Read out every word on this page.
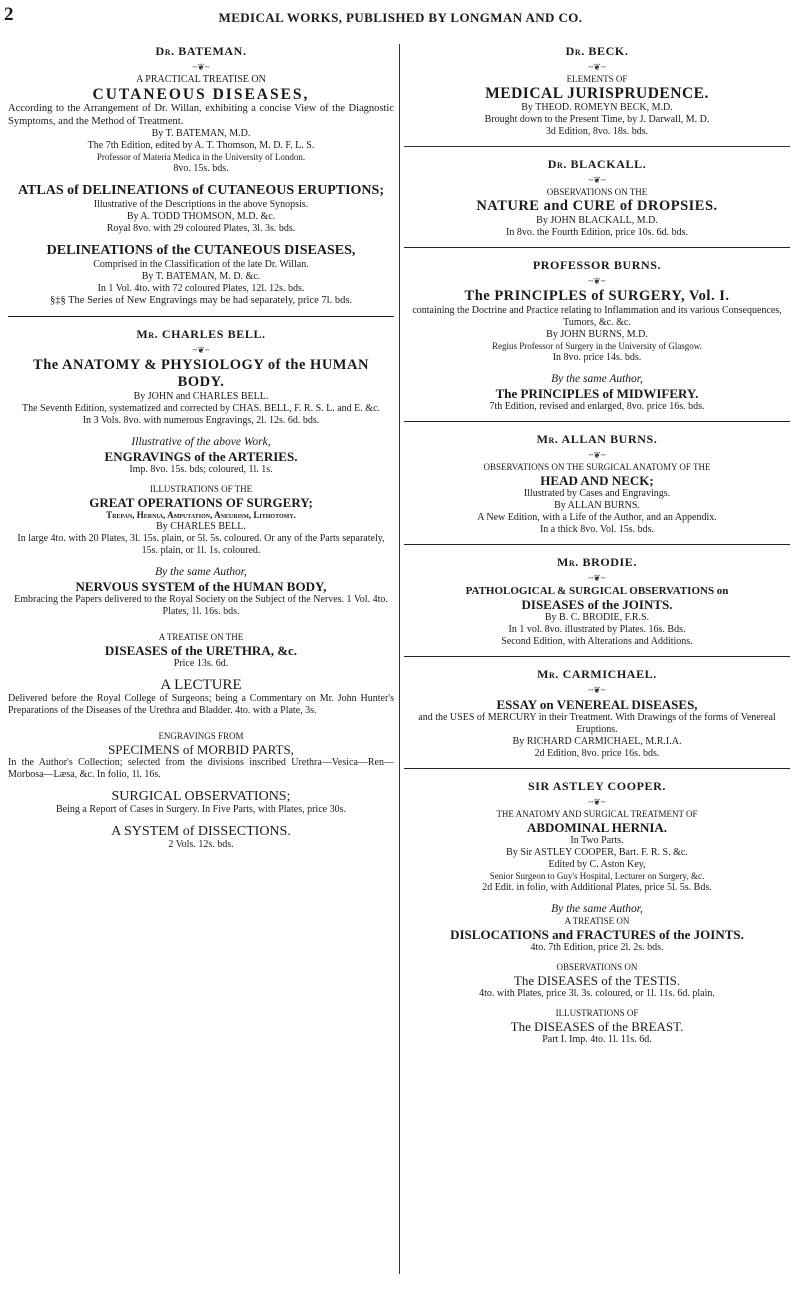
2	MEDICAL WORKS, PUBLISHED BY LONGMAN AND CO.
Dr. BATEMAN.
~❦~

A PRACTICAL TREATISE ON

CUTANEOUS DISEASES,

According to the Arrangement of Dr. Willan, exhibiting a concise View of the Diagnostic Symptoms, and the Method of Treatment.

By T. BATEMAN, M.D.

The 7th Edition, edited by A. T. Thomson, M. D. F. L. S.

Professor of Materia Medica in the University of London.

8vo. 15s. bds.

ATLAS of DELINEATIONS of CUTANEOUS ERUPTIONS;

Illustrative of the Descriptions in the above Synopsis.

By A. TODD THOMSON, M.D. &c.

Royal 8vo. with 29 coloured Plates, 3l. 3s. bds.

DELINEATIONS of the CUTANEOUS DISEASES,

Comprised in the Classification of the late Dr. Willan.

By T. BATEMAN, M. D. &c.

In 1 Vol. 4to. with 72 coloured Plates, 12l. 12s. bds.

§‡§ The Series of New Engravings may be had separately, price 7l. bds.

Mr. CHARLES BELL.
~❦~

The ANATOMY & PHYSIOLOGY of the HUMAN BODY.

By JOHN and CHARLES BELL.

The Seventh Edition, systematized and corrected by CHAS. BELL, F. R. S. L. and E. &c.

In 3 Vols. 8vo. with numerous Engravings, 2l. 12s. 6d. bds.

Illustrative of the above Work,

ENGRAVINGS of the ARTERIES.

Imp. 8vo. 15s. bds; coloured, 1l. 1s.

ILLUSTRATIONS OF THE

GREAT OPERATIONS OF SURGERY;

Trepan, Hernia, Amputation, Aneurism, Lithotomy.

By CHARLES BELL.

In large 4to. with 20 Plates, 3l. 15s. plain, or 5l. 5s. coloured. Or any of the Parts separately, 15s. plain, or 1l. 1s. coloured.

By the same Author,

NERVOUS SYSTEM of the HUMAN BODY,

Embracing the Papers delivered to the Royal Society on the Subject of the Nerves. 1 Vol. 4to. Plates, 1l. 16s. bds.

A TREATISE ON THE

DISEASES of the URETHRA, &c.

Price 13s. 6d.

A LECTURE

Delivered before the Royal College of Surgeons; being a Commentary on Mr. John Hunter's Preparations of the Diseases of the Urethra and Bladder. 4to. with a Plate, 3s.

ENGRAVINGS FROM

SPECIMENS of MORBID PARTS,

In the Author's Collection; selected from the divisions inscribed Urethra—Vesica—Ren—Morbosa—Læsa, &c. In folio, 1l. 16s.

SURGICAL OBSERVATIONS;

Being a Report of Cases in Surgery. In Five Parts, with Plates, price 30s.

A SYSTEM of DISSECTIONS.

2 Vols. 12s. bds.

Dr. BECK.
~❦~

ELEMENTS OF

MEDICAL JURISPRUDENCE.

By THEOD. ROMEYN BECK, M.D.

Brought down to the Present Time, by J. Darwall, M. D.

3d Edition, 8vo. 18s. bds.

Dr. BLACKALL.
~❦~

OBSERVATIONS ON THE

NATURE and CURE of DROPSIES.

By JOHN BLACKALL, M.D.

In 8vo. the Fourth Edition, price 10s. 6d. bds.

PROFESSOR BURNS.
~❦~

The PRINCIPLES of SURGERY, Vol. I.

containing the Doctrine and Practice relating to Inflammation and its various Consequences, Tumors, &c. &c.

By JOHN BURNS, M.D.

Regius Professor of Surgery in the University of Glasgow.

In 8vo. price 14s. bds.

By the same Author,

The PRINCIPLES of MIDWIFERY.

7th Edition, revised and enlarged, 8vo. price 16s. bds.

Mr. ALLAN BURNS.
~❦~

OBSERVATIONS ON THE SURGICAL ANATOMY OF THE

HEAD AND NECK;

Illustrated by Cases and Engravings.

By ALLAN BURNS.

A New Edition, with a Life of the Author, and an Appendix.

In a thick 8vo. Vol. 15s. bds.

Mr. BRODIE.
~❦~

PATHOLOGICAL & SURGICAL OBSERVATIONS on

DISEASES of the JOINTS.

By B. C. BRODIE, F.R.S.

In 1 vol. 8vo. illustrated by Plates. 16s. Bds.

Second Edition, with Alterations and Additions.

Mr. CARMICHAEL.
~❦~

ESSAY on VENEREAL DISEASES,

and the USES of MERCURY in their Treatment. With Drawings of the forms of Venereal Eruptions.

By RICHARD CARMICHAEL, M.R.I.A.

2d Edition, 8vo. price 16s. bds.

SIR ASTLEY COOPER.
~❦~

THE ANATOMY AND SURGICAL TREATMENT OF

ABDOMINAL HERNIA.

In Two Parts.

By Sir ASTLEY COOPER, Bart. F. R. S. &c.

Edited by C. Aston Key,

Senior Surgeon to Guy's Hospital, Lecturer on Surgery, &c.

2d Edit. in folio, with Additional Plates, price 5l. 5s. Bds.

By the same Author,

A TREATISE ON

DISLOCATIONS and FRACTURES of the JOINTS.

4to. 7th Edition, price 2l. 2s. bds.

OBSERVATIONS ON

The DISEASES of the TESTIS.

4to. with Plates, price 3l. 3s. coloured, or 1l. 11s. 6d. plain.

ILLUSTRATIONS OF

The DISEASES of the BREAST.

Part I. Imp. 4to. 1l. 11s. 6d.
